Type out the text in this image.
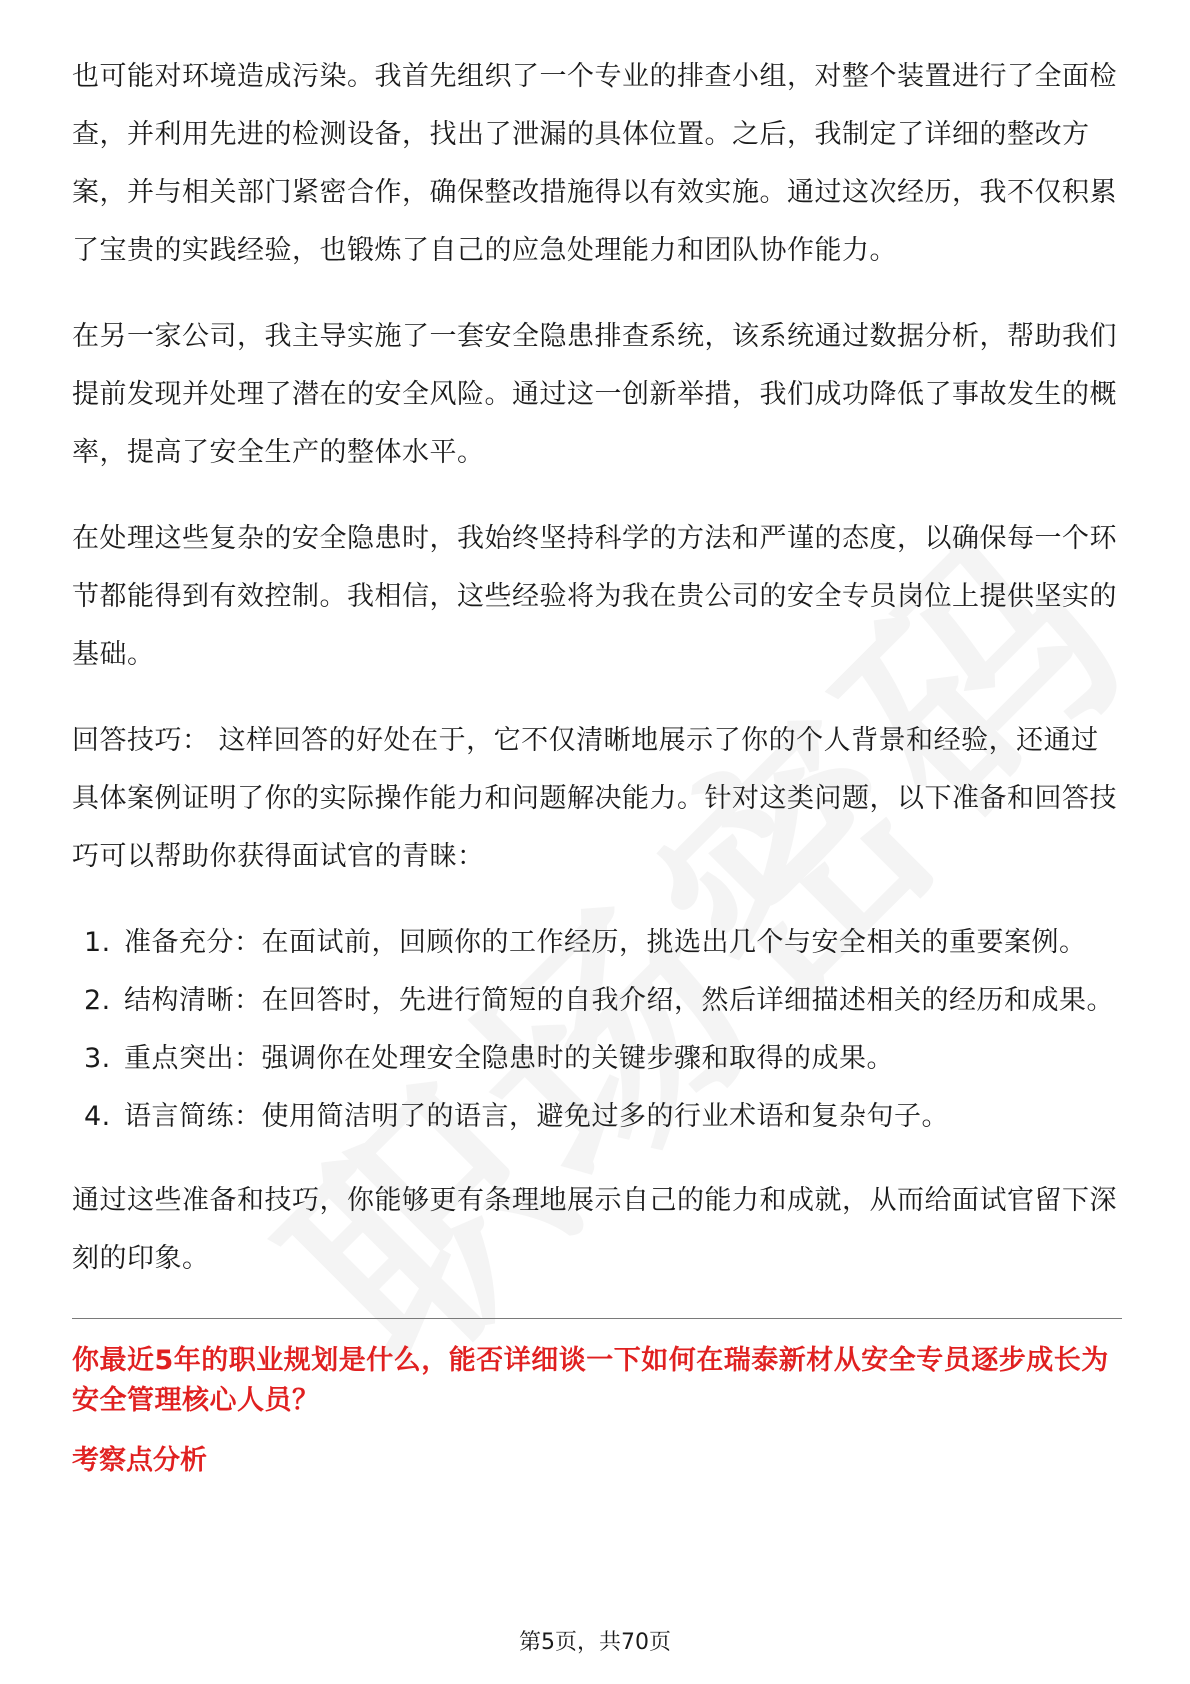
也可能对环境造成污染。我首先组织了一个专业的排查小组，对整个装置进行了全面检查，并利用先进的检测设备，找出了泄漏的具体位置。之后，我制定了详细的整改方案，并与相关部门紧密合作，确保整改措施得以有效实施。通过这次经历，我不仅积累了宝贵的实践经验，也锻炼了自己的应急处理能力和团队协作能力。

在另一家公司，我主导实施了一套安全隐患排查系统，该系统通过数据分析，帮助我们提前发现并处理了潜在的安全风险。通过这一创新举措，我们成功降低了事故发生的概率，提高了安全生产的整体水平。

在处理这些复杂的安全隐患时，我始终坚持科学的方法和严谨的态度，以确保每一个环节都能得到有效控制。我相信，这些经验将为我在贵公司的安全专员岗位上提供坚实的基础。

回答技巧： 这样回答的好处在于，它不仅清晰地展示了你的个人背景和经验，还通过具体案例证明了你的实际操作能力和问题解决能力。针对这类问题，以下准备和回答技巧可以帮助你获得面试官的青睐：

1. 准备充分：在面试前，回顾你的工作经历，挑选出几个与安全相关的重要案例。
2. 结构清晰：在回答时，先进行简短的自我介绍，然后详细描述相关的经历和成果。
3. 重点突出：强调你在处理安全隐患时的关键步骤和取得的成果。
4. 语言简练：使用简洁明了的语言，避免过多的行业术语和复杂句子。

通过这些准备和技巧，你能够更有条理地展示自己的能力和成就，从而给面试官留下深刻的印象。

你最近5年的职业规划是什么，能否详细谈一下如何在瑞泰新材从安全专员逐步成长为安全管理核心人员？
考察点分析
第5页，共70页
